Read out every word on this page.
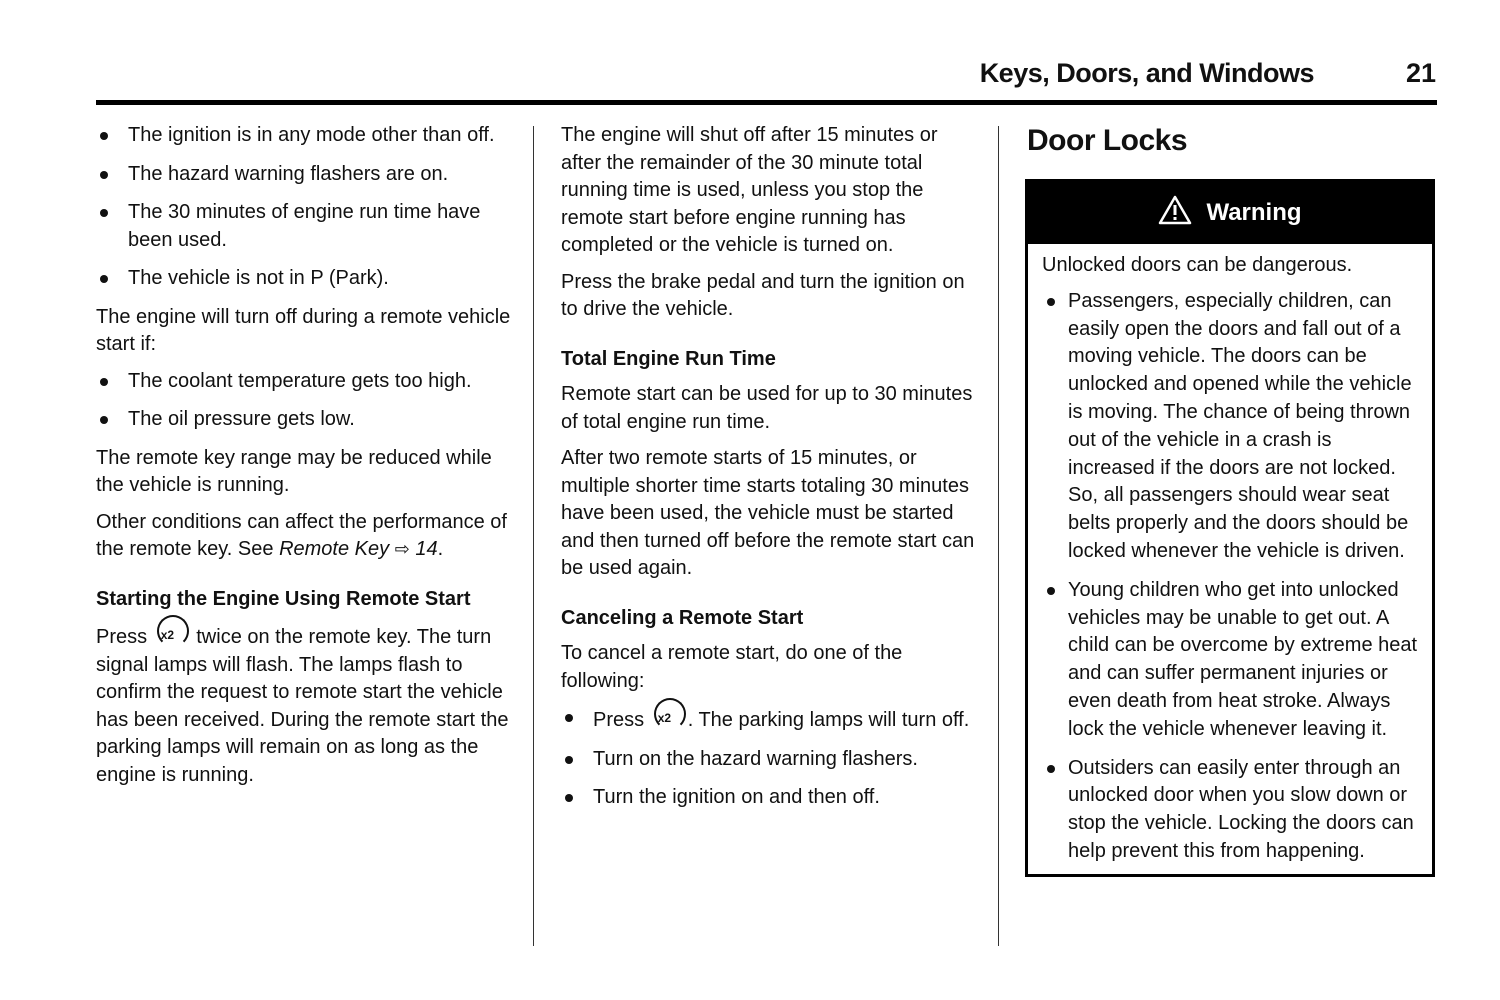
Keys, Doors, and Windows	21
The ignition is in any mode other than off.
The hazard warning flashers are on.
The 30 minutes of engine run time have been used.
The vehicle is not in P (Park).

The engine will turn off during a remote vehicle start if:

The coolant temperature gets too high.
The oil pressure gets low.

The remote key range may be reduced while the vehicle is running.

Other conditions can affect the performance of the remote key. See Remote Key ⇨ 14.

Starting the Engine Using Remote Start

Press x2 twice on the remote key. The turn signal lamps will flash. The lamps flash to confirm the request to remote start the vehicle has been received. During the remote start the parking lamps will remain on as long as the engine is running.

The engine will shut off after 15 minutes or after the remainder of the 30 minute total running time is used, unless you stop the remote start before engine running has completed or the vehicle is turned on.

Press the brake pedal and turn the ignition on to drive the vehicle.

Total Engine Run Time

Remote start can be used for up to 30 minutes of total engine run time.

After two remote starts of 15 minutes, or multiple shorter time starts totaling 30 minutes have been used, the vehicle must be started and then turned off before the remote start can be used again.

Canceling a Remote Start

To cancel a remote start, do one of the following:

Press x2 . The parking lamps will turn off.
Turn on the hazard warning flashers.
Turn the ignition on and then off.
Door Locks
Warning

Unlocked doors can be dangerous.

Passengers, especially children, can easily open the doors and fall out of a moving vehicle. The doors can be unlocked and opened while the vehicle is moving. The chance of being thrown out of the vehicle in a crash is increased if the doors are not locked. So, all passengers should wear seat belts properly and the doors should be locked whenever the vehicle is driven.
Young children who get into unlocked vehicles may be unable to get out. A child can be overcome by extreme heat and can suffer permanent injuries or even death from heat stroke. Always lock the vehicle whenever leaving it.
Outsiders can easily enter through an unlocked door when you slow down or stop the vehicle. Locking the doors can help prevent this from happening.
